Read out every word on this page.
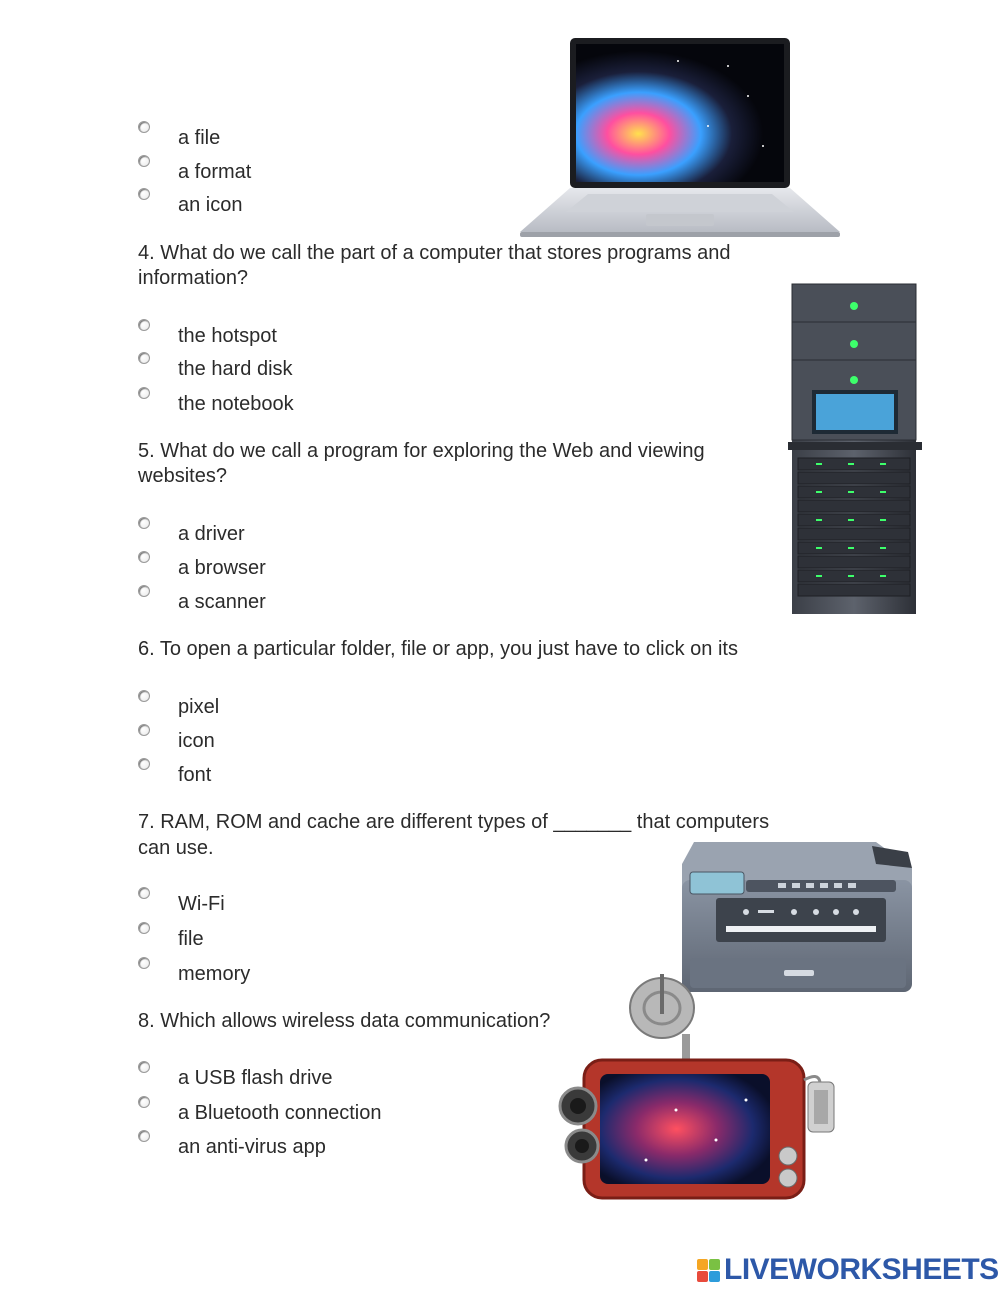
a file
a format
an icon
4. What do we call the part of a computer that stores programs and
information?
the hotspot
the hard disk
the notebook
5. What do we call a program for exploring the Web and viewing
websites?
a driver
a browser
a scanner
6. To open a particular folder, file or app, you just have to click on its
pixel
icon
font
7. RAM, ROM and cache are different types of _______ that computers
can use.
Wi-Fi
file
memory
8. Which allows wireless data communication?
a USB flash drive
a Bluetooth connection
an anti-virus app
LIVEWORKSHEETS
